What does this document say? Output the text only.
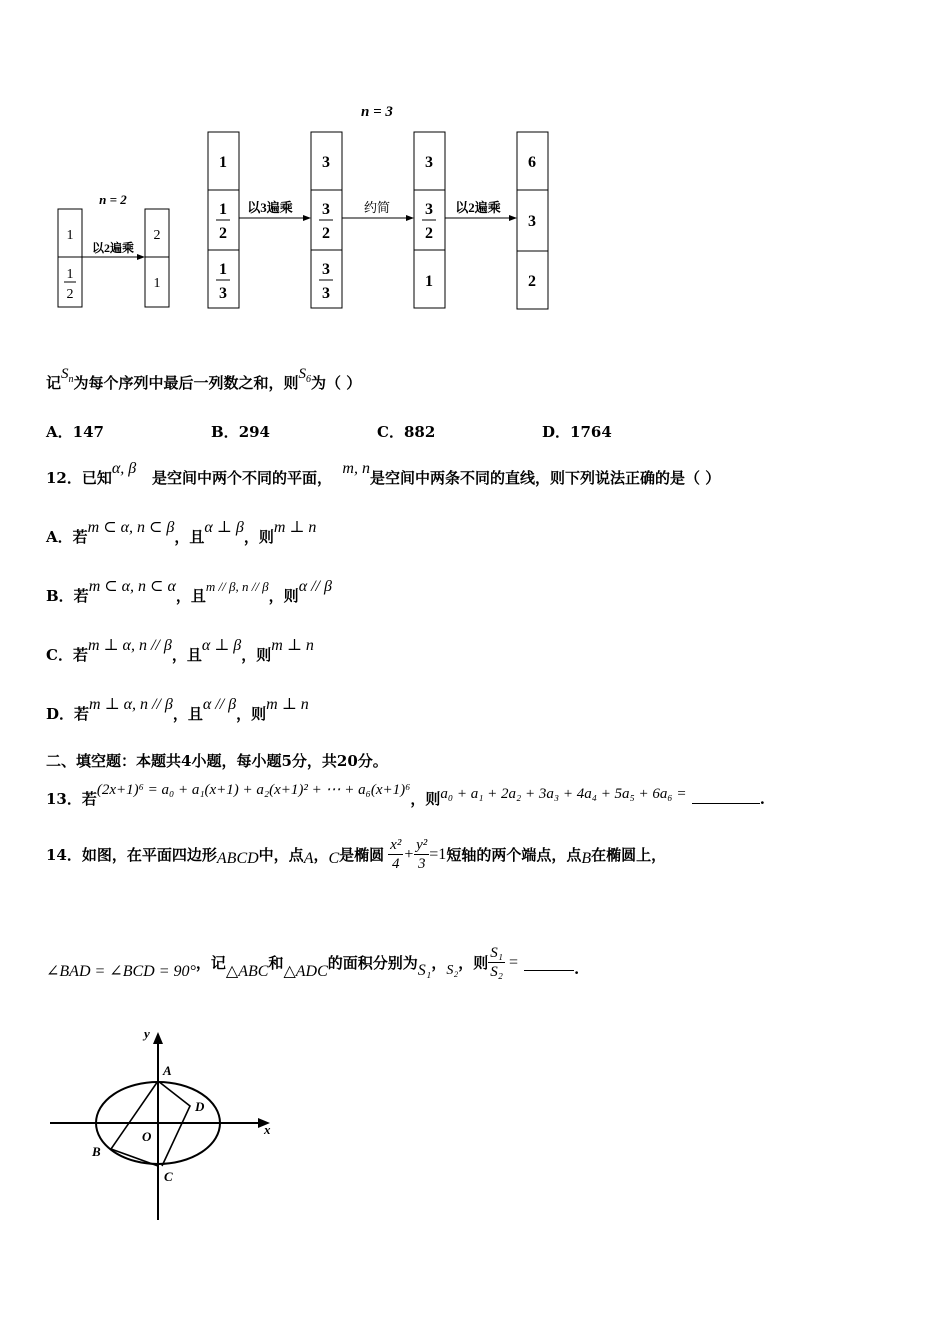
n = 3
n = 2
以2遍乘
以3遍乘	约简	以2遍乘
1
1
2
2
1
1
1
2
1
3
3
3
2
3
3
3
3
2
1
6
3
2
记$S_n$为每个序列中最后一列数之和，则$S_6$为（ ）
A．147	B．294	C．882	D．1764
12．已知α, β   是空间中两个不同的平面，  m, n是空间中两条不同的直线，则下列说法正确的是（ ）
A．若m ⊂ α, n ⊂ β，且α ⊥ β，则m ⊥ n
B．若m ⊂ α, n ⊂ α，且m // β, n // β，则α // β
C．若m ⊥ α, n // β，且α ⊥ β，则m ⊥ n
D．若m ⊥ α, n // β，且α // β，则m ⊥ n
二、填空题：本题共4小题，每小题5分，共20分。
13．若(2x+1)⁶ = a₀ + a₁(x+1) + a₂(x+1)² + ⋯ + a₆(x+1)⁶，则a₀ + a₁ + 2a₂ + 3a₃ + 4a₄ + 5a₅ + 6a₆ =	.
14．如图，在平面四边形 ABCD 中，点 A ， C 是椭圆 $\frac{\text{x²}}{4} + \frac{\text{y²}}{3} =1$ 短轴的两个端点，点 B 在椭圆上，
∠BAD = ∠BCD = 90° ，记 △ABC 和 △ADC 的面积分别为 S₁ ， S₂ ，则 $\frac{\text{S₁}}{\text{S₂}}$ =	.
x
y
A
D
O
B
C
